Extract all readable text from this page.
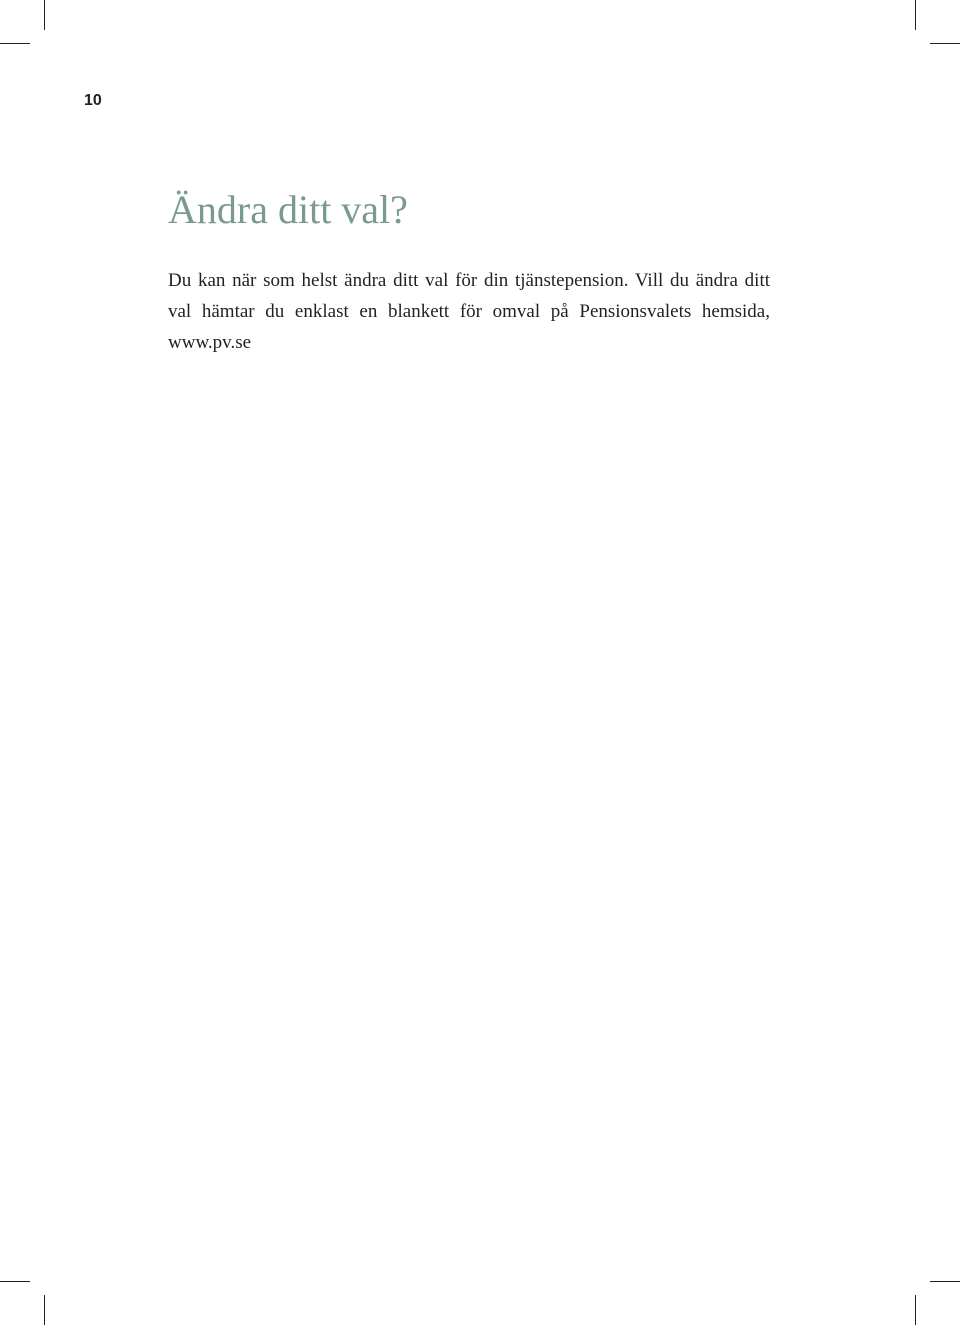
10
Ändra ditt val?

Du kan när som helst ändra ditt val för din tjänstepension. Vill du ändra ditt val hämtar du enklast en blankett för omval på Pensionsvalets hemsida, www.pv.se
